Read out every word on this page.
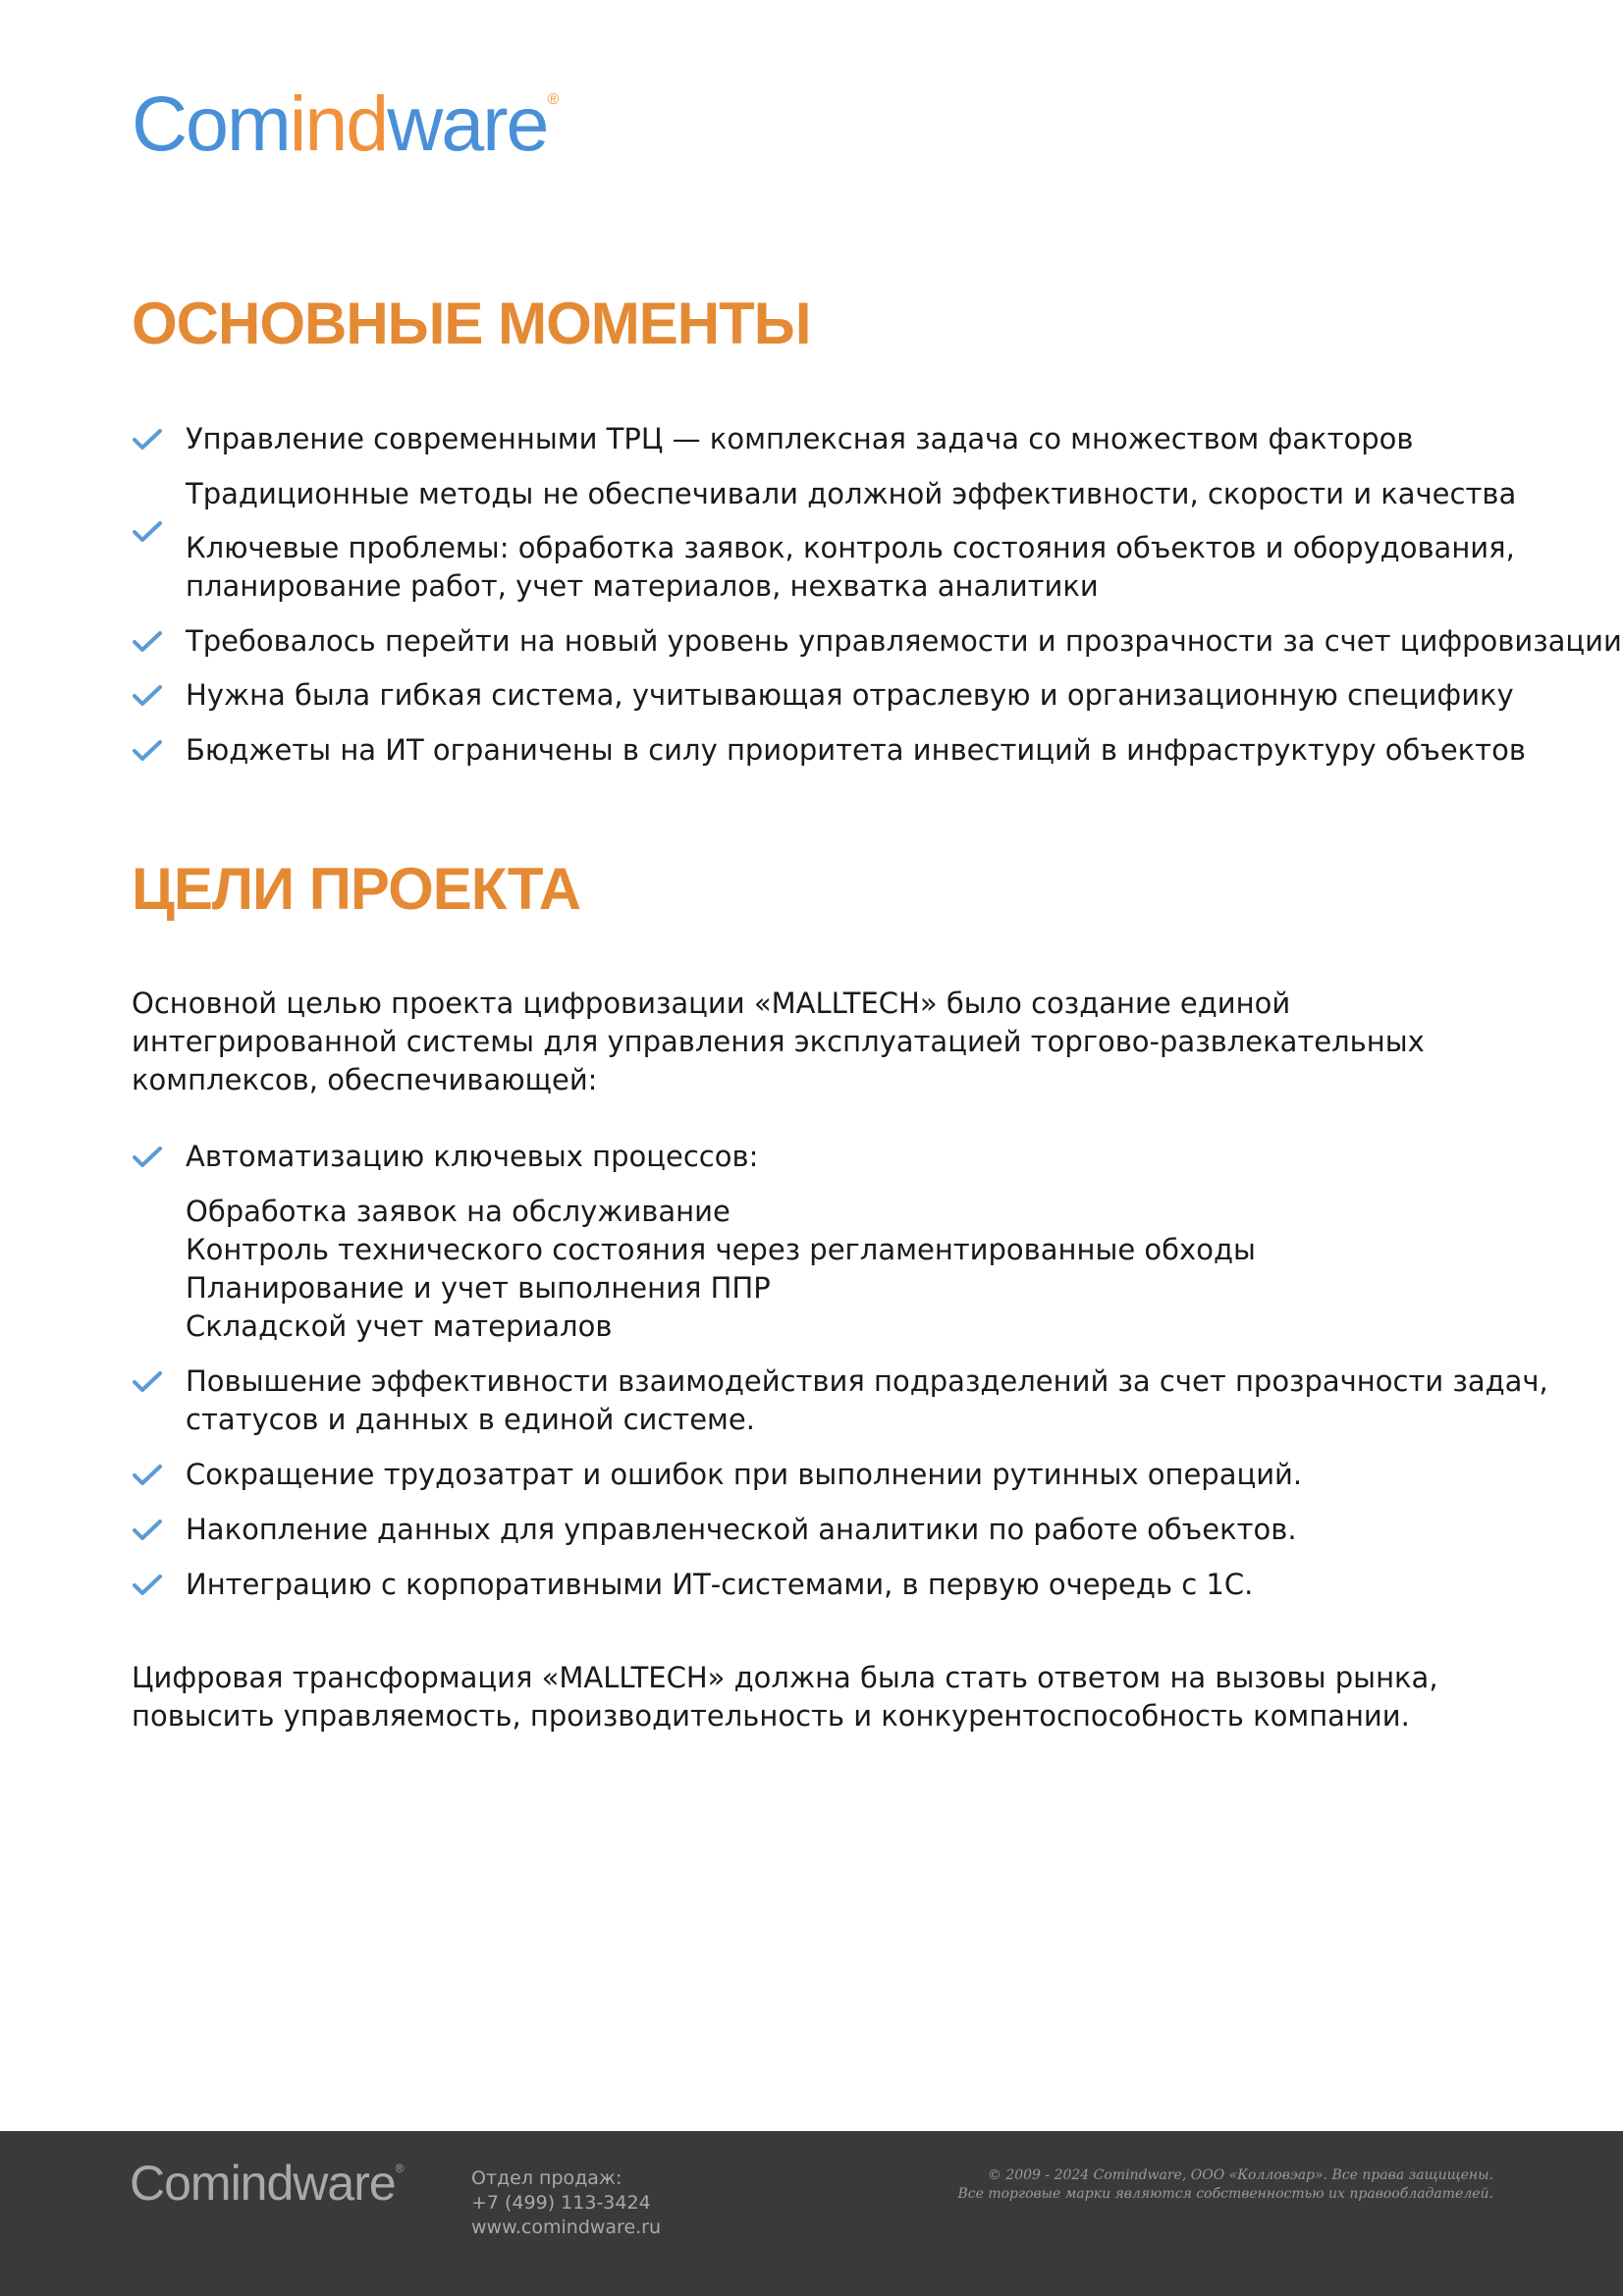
Comindware®
ОСНОВНЫЕ МОМЕНТЫ
Управление современными ТРЦ — комплексная задача со множеством факторов
Традиционные методы не обеспечивали должной эффективности, скорости и качества
Ключевые проблемы: обработка заявок, контроль состояния объектов и оборудования,
планирование работ, учет материалов, нехватка аналитики
Требовалось перейти на новый уровень управляемости и прозрачности за счет цифровизации
Нужна была гибкая система, учитывающая отраслевую и организационную специфику
Бюджеты на ИТ ограничены в силу приоритета инвестиций в инфраструктуру объектов
ЦЕЛИ ПРОЕКТА
Основной целью проекта цифровизации «MALLTECH» было создание единой
интегрированной системы для управления эксплуатацией торгово-развлекательных
комплексов, обеспечивающей:
Автоматизацию ключевых процессов:
Обработка заявок на обслуживание
Контроль технического состояния через регламентированные обходы
Планирование и учет выполнения ППР
Складской учет материалов
Повышение эффективности взаимодействия подразделений за счет прозрачности задач,
статусов и данных в единой системе.
Сокращение трудозатрат и ошибок при выполнении рутинных операций.
Накопление данных для управленческой аналитики по работе объектов.
Интеграцию с корпоративными ИТ-системами, в первую очередь с 1С.
Цифровая трансформация «MALLTECH» должна была стать ответом на вызовы рынка,
повысить управляемость, производительность и конкурентоспособность компании.
Comindware®	Отдел продаж:
+7 (499) 113-3424
www.comindware.ru
© 2009 - 2024 Comindware, ООО «Колловэар». Все права защищены.
Все торговые марки являются собственностью их правообладателей.
